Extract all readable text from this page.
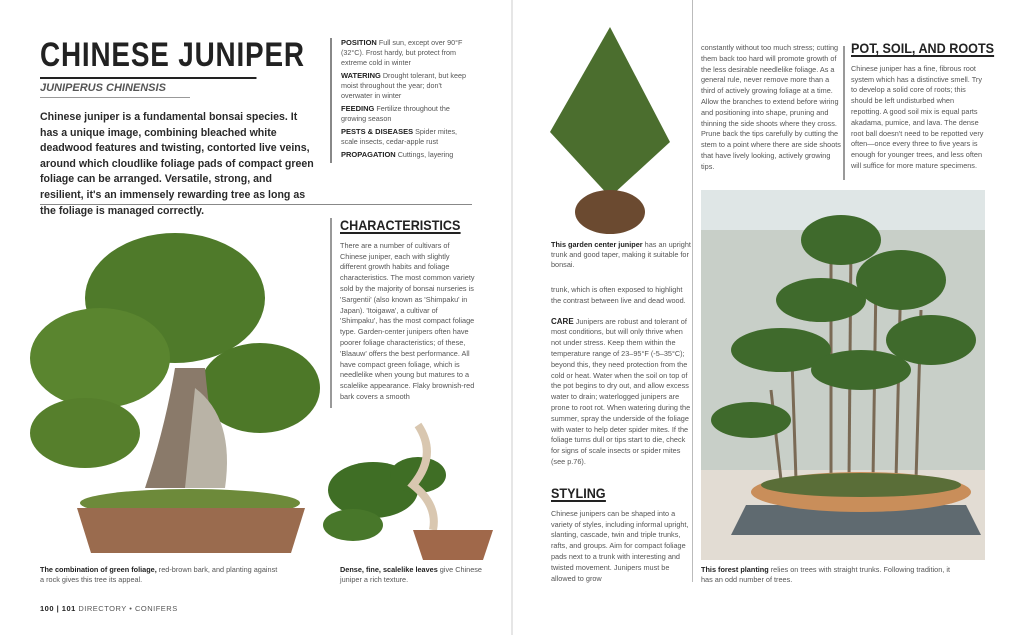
CHINESE JUNIPER
JUNIPERUS CHINENSIS
Chinese juniper is a fundamental bonsai species. It has a unique image, combining bleached white deadwood features and twisting, contorted live veins, around which cloudlike foliage pads of compact green foliage can be arranged. Versatile, strong, and resilient, it's an immensely rewarding tree as long as the foliage is managed correctly.

POSITION Full sun, except over 90°F (32°C). Frost hardy, but protect from extreme cold in winter

WATERING Drought tolerant, but keep moist throughout the year; don't overwater in winter

FEEDING Fertilize throughout the growing season

PESTS & DISEASES Spider mites, scale insects, cedar-apple rust

PROPAGATION Cuttings, layering

The combination of green foliage, red-brown bark, and planting against a rock gives this tree its appeal.
CHARACTERISTICS
There are a number of cultivars of Chinese juniper, each with slightly different growth habits and foliage characteristics. The most common variety sold by the majority of bonsai nurseries is 'Sargentii' (also known as 'Shimpaku' in Japan). 'Itoigawa', a cultivar of 'Shimpaku', has the most compact foliage type. Garden-center junipers often have poorer foliage characteristics; of these, 'Blaauw' offers the best performance. All have compact green foliage, which is needlelike when young but matures to a scalelike appearance. Flaky brownish-red bark covers a smooth
Dense, fine, scalelike leaves give Chinese juniper a rich texture.
This garden center juniper has an upright trunk and good taper, making it suitable for bonsai.

trunk, which is often exposed to highlight the contrast between live and dead wood.

CARE Junipers are robust and tolerant of most conditions, but will only thrive when not under stress. Keep them within the temperature range of 23–95°F (-5–35°C); beyond this, they need protection from the cold or heat. Water when the soil on top of the pot begins to dry out, and allow excess water to drain; waterlogged junipers are prone to root rot. When watering during the summer, spray the underside of the foliage with water to help deter spider mites. If the foliage turns dull or tips start to die, check for signs of scale insects or spider mites (see p.76).

STYLING
Chinese junipers can be shaped into a variety of styles, including informal upright, slanting, cascade, twin and triple trunks, rafts, and groups. Aim for compact foliage pads next to a trunk with interesting and twisted movement. Junipers must be allowed to grow
constantly without too much stress; cutting them back too hard will promote growth of the less desirable needlelike foliage. As a general rule, never remove more than a third of actively growing foliage at a time. Allow the branches to extend before wiring and positioning into shape, pruning and thinning the side shoots where they cross. Prune back the tips carefully by cutting the stem to a point where there are side shoots that have lively looking, actively growing tips.
POT, SOIL, AND ROOTS
Chinese juniper has a fine, fibrous root system which has a distinctive smell. Try to develop a solid core of roots; this should be left undisturbed when repotting. A good soil mix is equal parts akadama, pumice, and lava. The dense root ball doesn't need to be repotted very often—once every three to five years is enough for younger trees, and less often will suffice for more mature specimens.
This forest planting relies on trees with straight trunks. Following tradition, it has an odd number of trees.
100 | 101 DIRECTORY • CONIFERS
